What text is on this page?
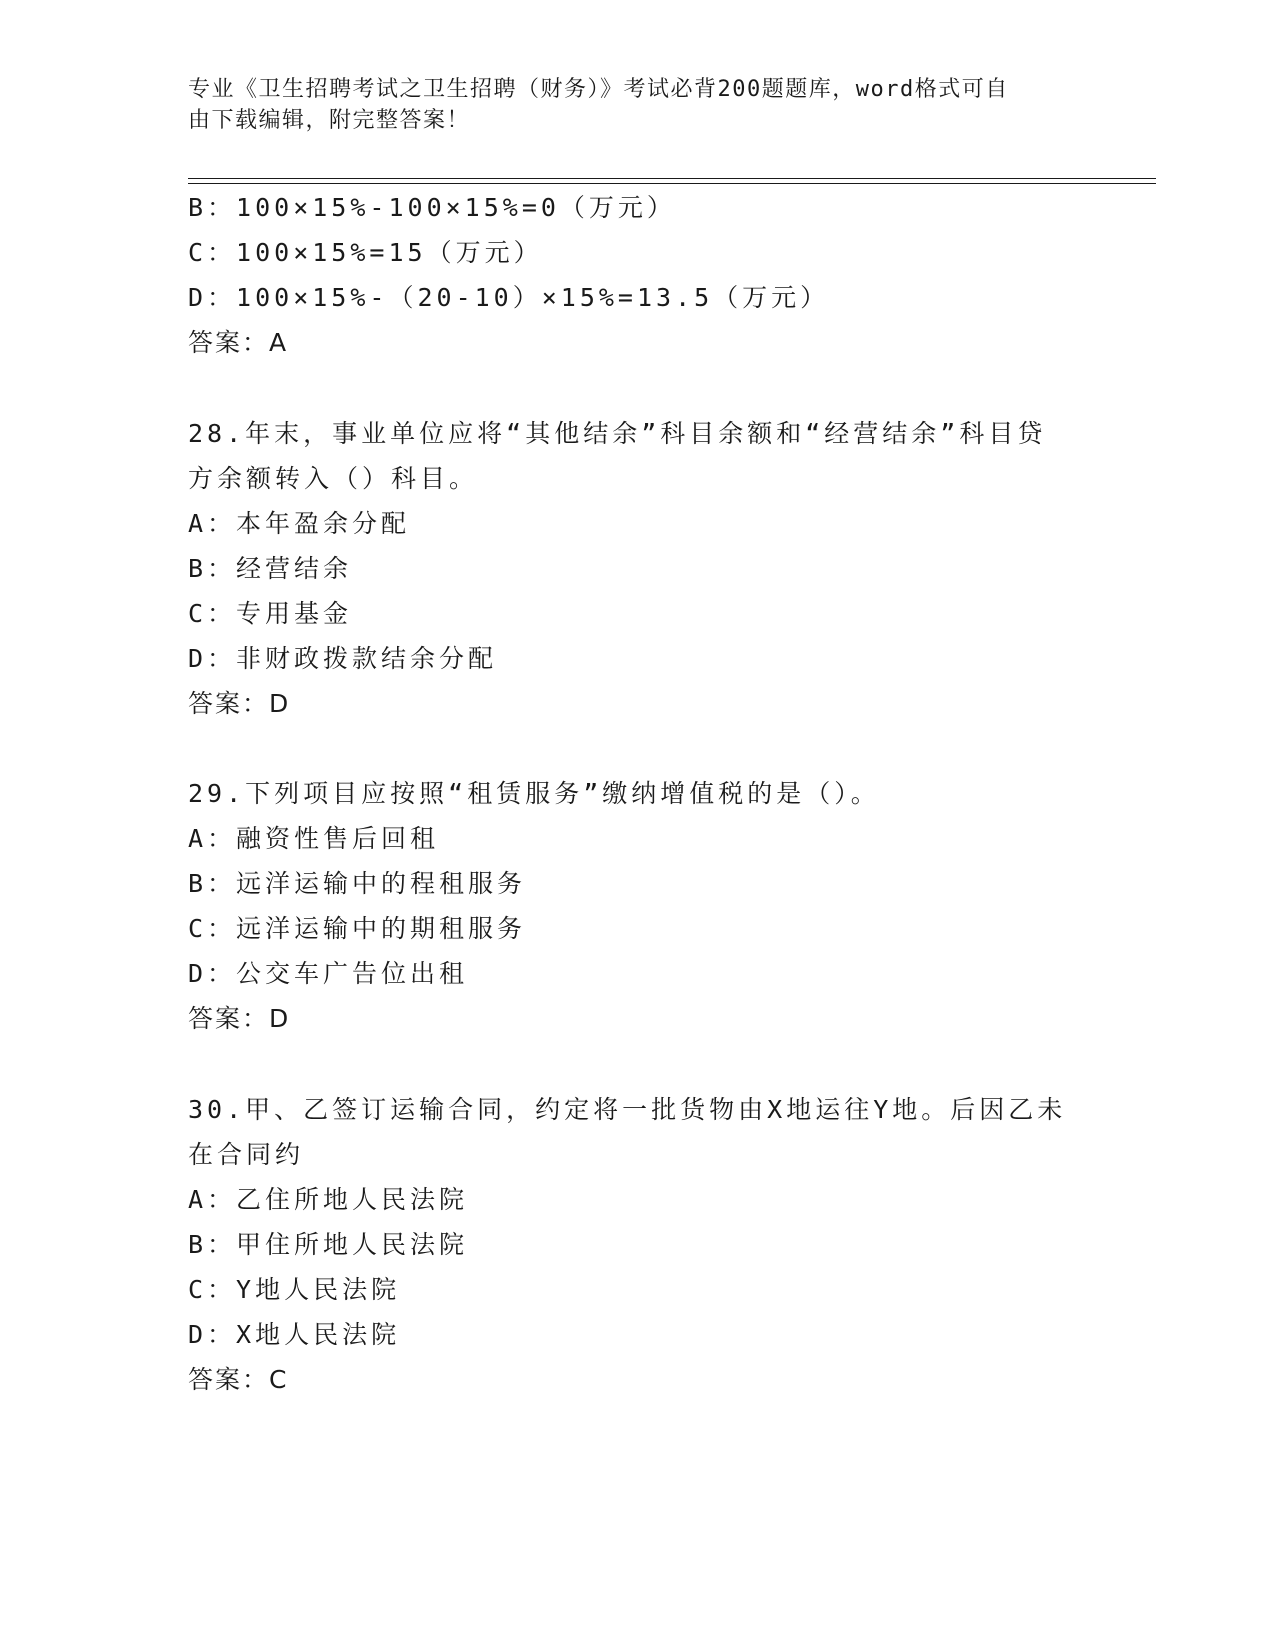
专业《卫生招聘考试之卫生招聘（财务）》考试必背200题题库，word格式可自
由下载编辑，附完整答案！
B：100×15%-100×15%=0（万元）
C：100×15%=15（万元）
D：100×15%-（20-10）×15%=13.5（万元）
答案：A
28.年末，事业单位应将“其他结余”科目余额和“经营结余”科目贷
方余额转入（）科目。
A：本年盈余分配
B：经营结余
C：专用基金
D：非财政拨款结余分配
答案：D
29.下列项目应按照“租赁服务”缴纳增值税的是（）。
A：融资性售后回租
B：远洋运输中的程租服务
C：远洋运输中的期租服务
D：公交车广告位出租
答案：D
30.甲、乙签订运输合同，约定将一批货物由X地运往Y地。后因乙未
在合同约
A：乙住所地人民法院
B：甲住所地人民法院
C：Y地人民法院
D：X地人民法院
答案：C
